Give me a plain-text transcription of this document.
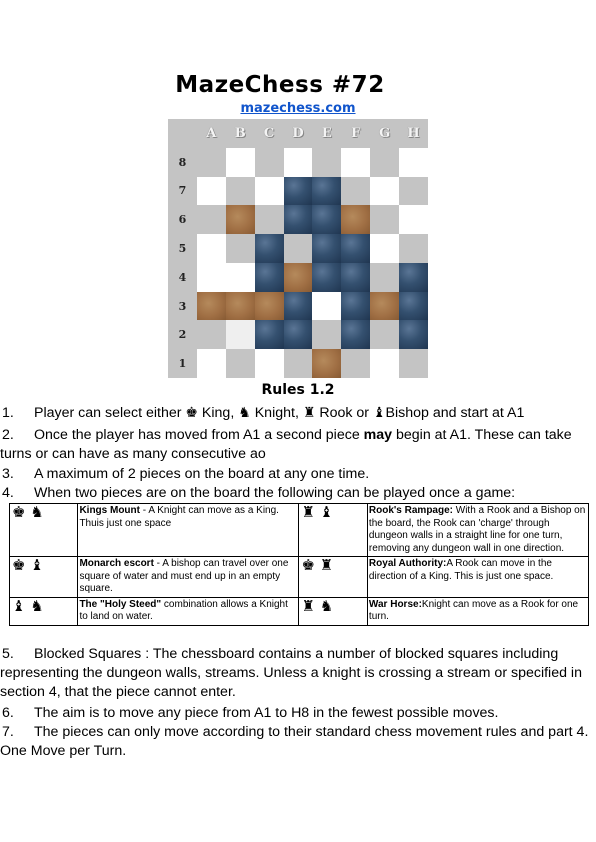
MazeChess #72
mazechess.com
A	B	C	D	E	F	G	H
8
7
6
5
4
3
2
1
Rules 1.2
1. Player can select either ♚ King, ♞ Knight, ♜ Rook or ♝Bishop and start at A1
2. Once the player has moved from A1 a second piece may begin at A1. These can take turns or can have as many consecutive ao
3. A maximum of 2 pieces on the board at any one time.
4. When two pieces are on the board the following can be played once a game:
♚ ♞	Kings Mount - A Knight can move as a King. Thuis just one space	♜ ♝	Rook's Rampage: With a Rook and a Bishop on the board, the Rook can 'charge' through dungeon walls in a straight line for one turn, removing any dungeon wall in one direction.
♚ ♝	Monarch escort - A bishop can travel over one square of water and must end up in an empty square.	♚ ♜	Royal Authority:A Rook can move in the direction of a King. This is just one space.
♝ ♞	The "Holy Steed" combination allows a Knight to land on water.	♜ ♞	War Horse:Knight can move as a Rook for one turn.
5. Blocked Squares : The chessboard contains a number of blocked squares including representing the dungeon walls, streams. Unless a knight is crossing a stream or specified in section 4, that the piece cannot enter.
6. The aim is to move any piece from A1 to H8 in the fewest possible moves.
7. The pieces can only move according to their standard chess movement rules and part 4. One Move per Turn.
